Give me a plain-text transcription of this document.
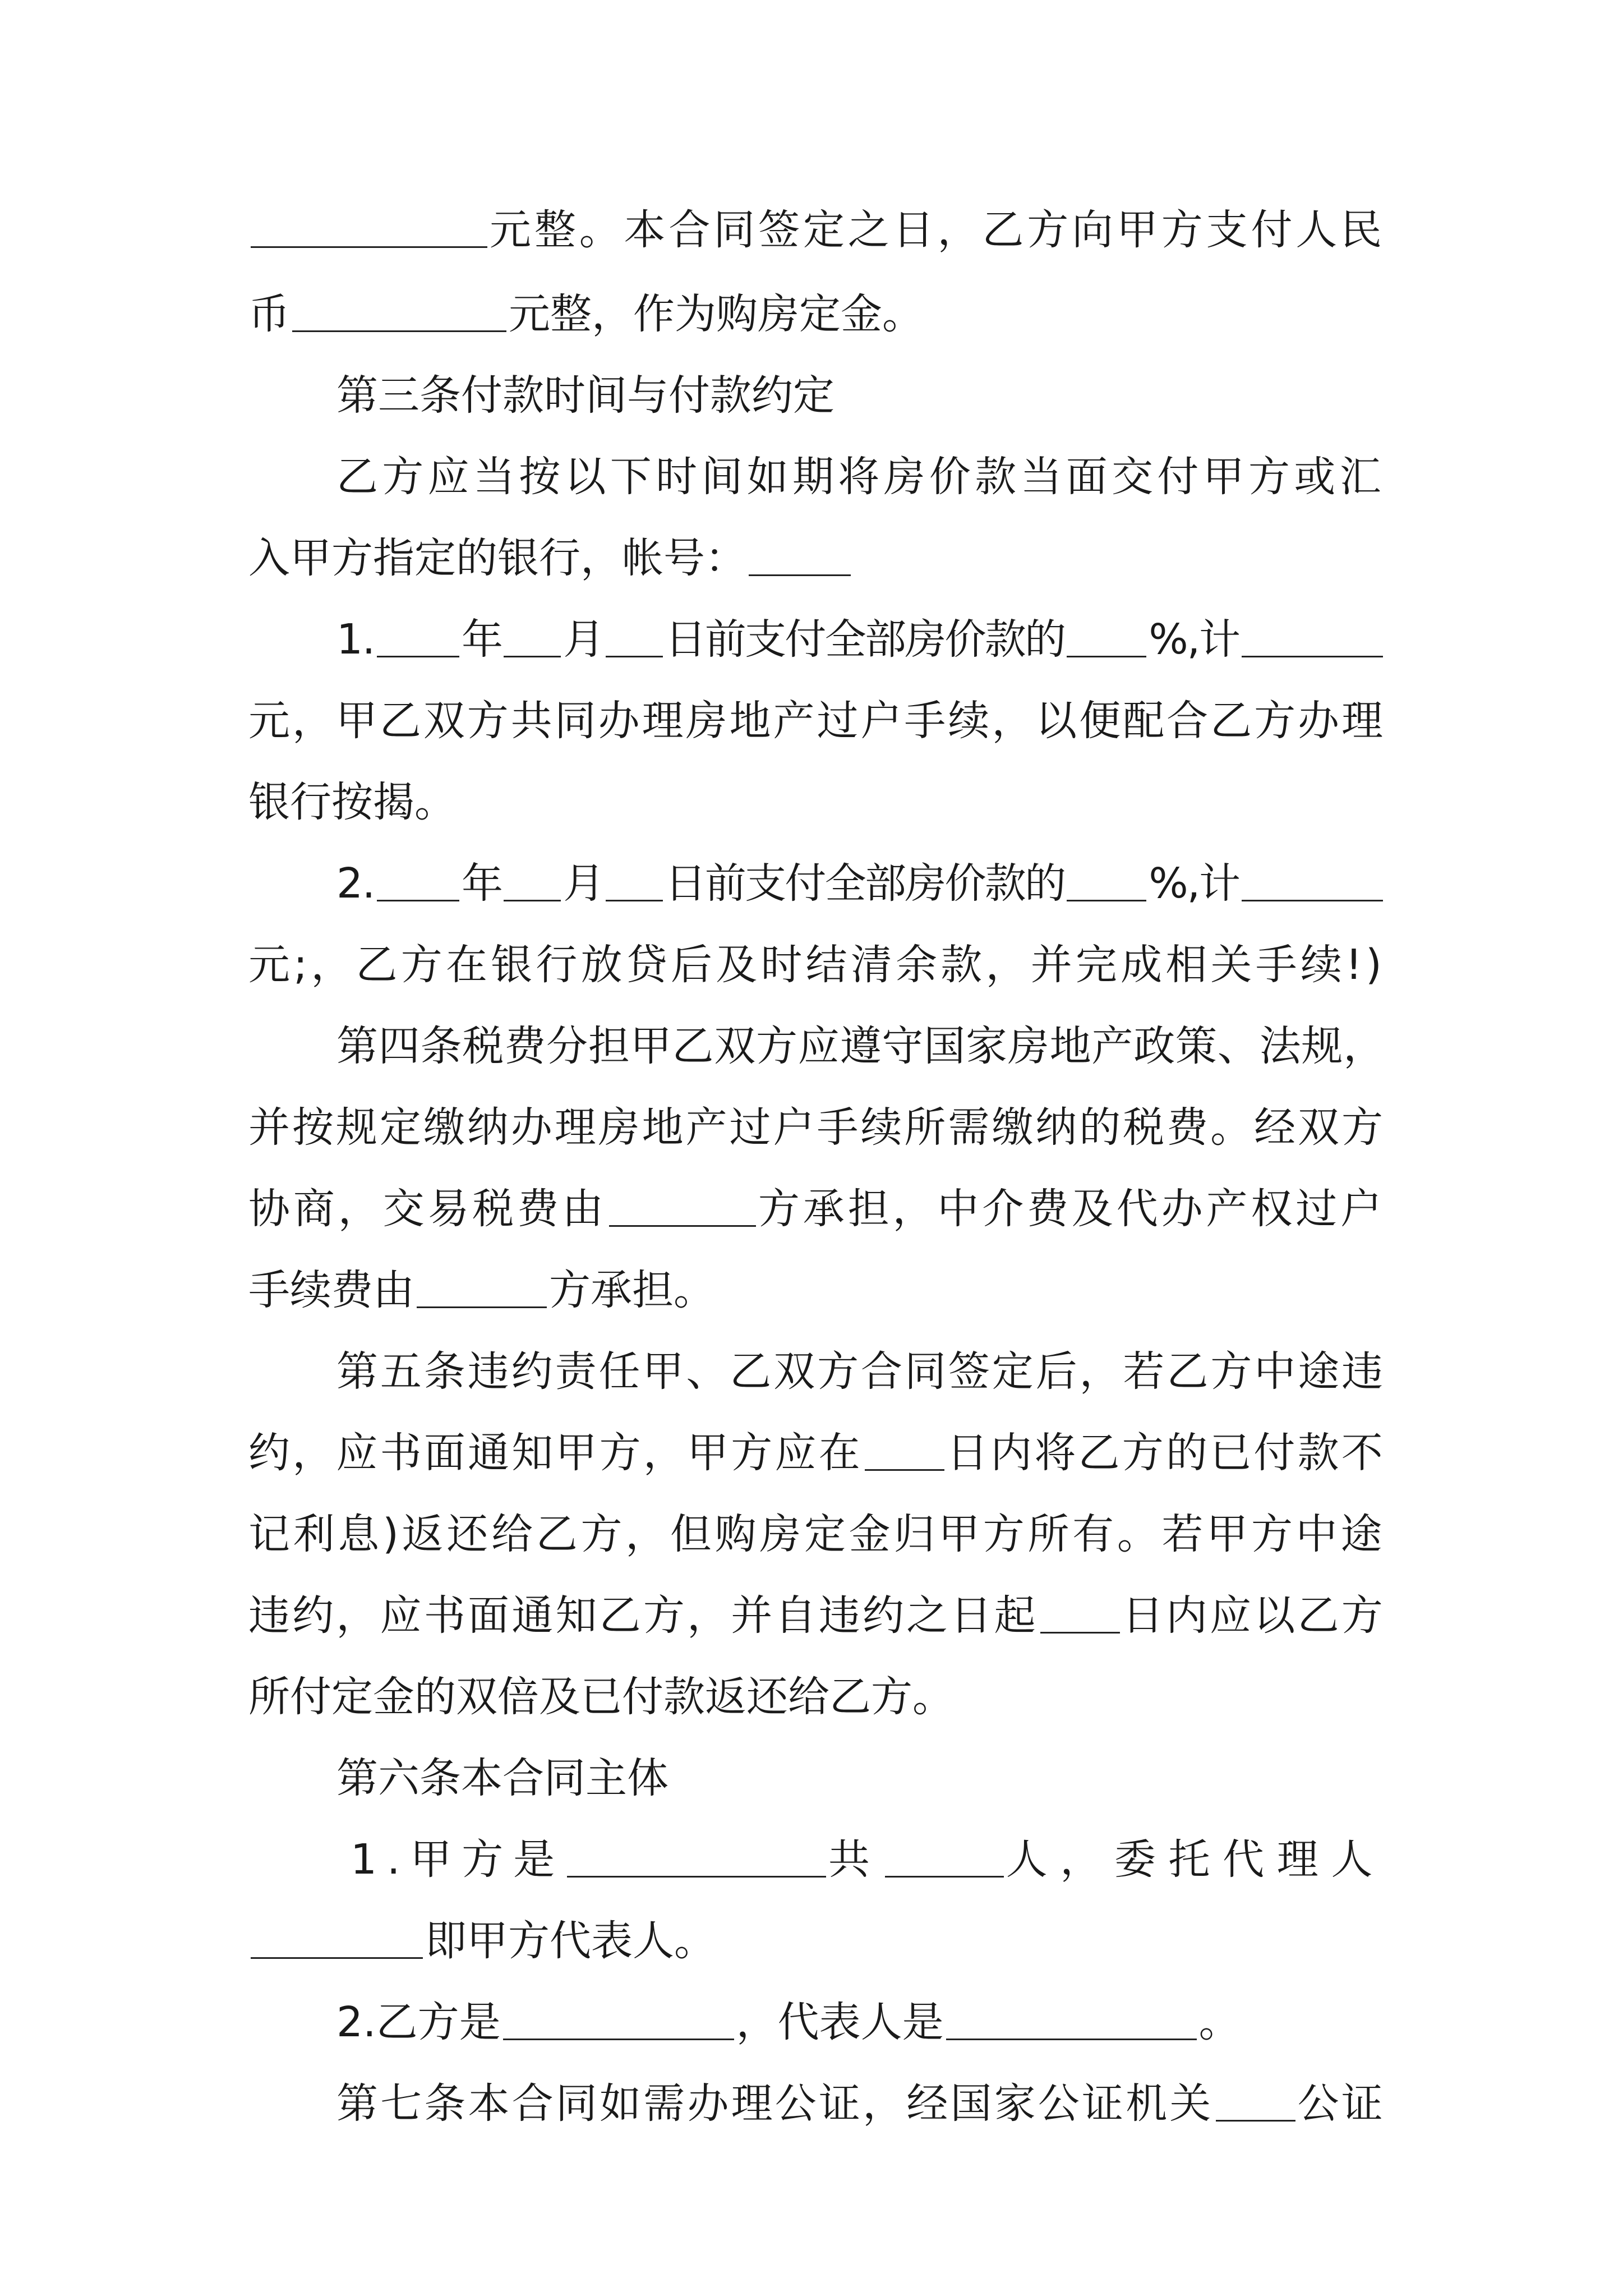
元整。本合同签定之日，乙方向甲方支付人民
币	元整，作为购房定金。
第三条付款时间与付款约定
乙方应当按以下时间如期将房价款当面交付甲方或汇
入甲方指定的银行，帐号：
1. 年 月 日前支付全部房价款的 %,计
元，甲乙双方共同办理房地产过户手续，以便配合乙方办理
银行按揭。
2. 年 月 日前支付全部房价款的 %,计
元;，乙方在银行放贷后及时结清余款，并完成相关手续!)
第四条税费分担甲乙双方应遵守国家房地产政策、法规，
并按规定缴纳办理房地产过户手续所需缴纳的税费。经双方
协商，交易税费由	方承担，中介费及代办产权过户
手续费由	方承担。
第五条违约责任甲、乙双方合同签定后，若乙方中途违
约，应书面通知甲方，甲方应在 日内将乙方的已付款不
记利息)返还给乙方，但购房定金归甲方所有。若甲方中途
违约，应书面通知乙方，并自违约之日起 日内应以乙方
所付定金的双倍及已付款返还给乙方。
第六条本合同主体
1.甲方是	共	人，委托代理人
即甲方代表人。
2.乙方是	，代表人是	。
第七条本合同如需办理公证，经国家公证机关 公证
